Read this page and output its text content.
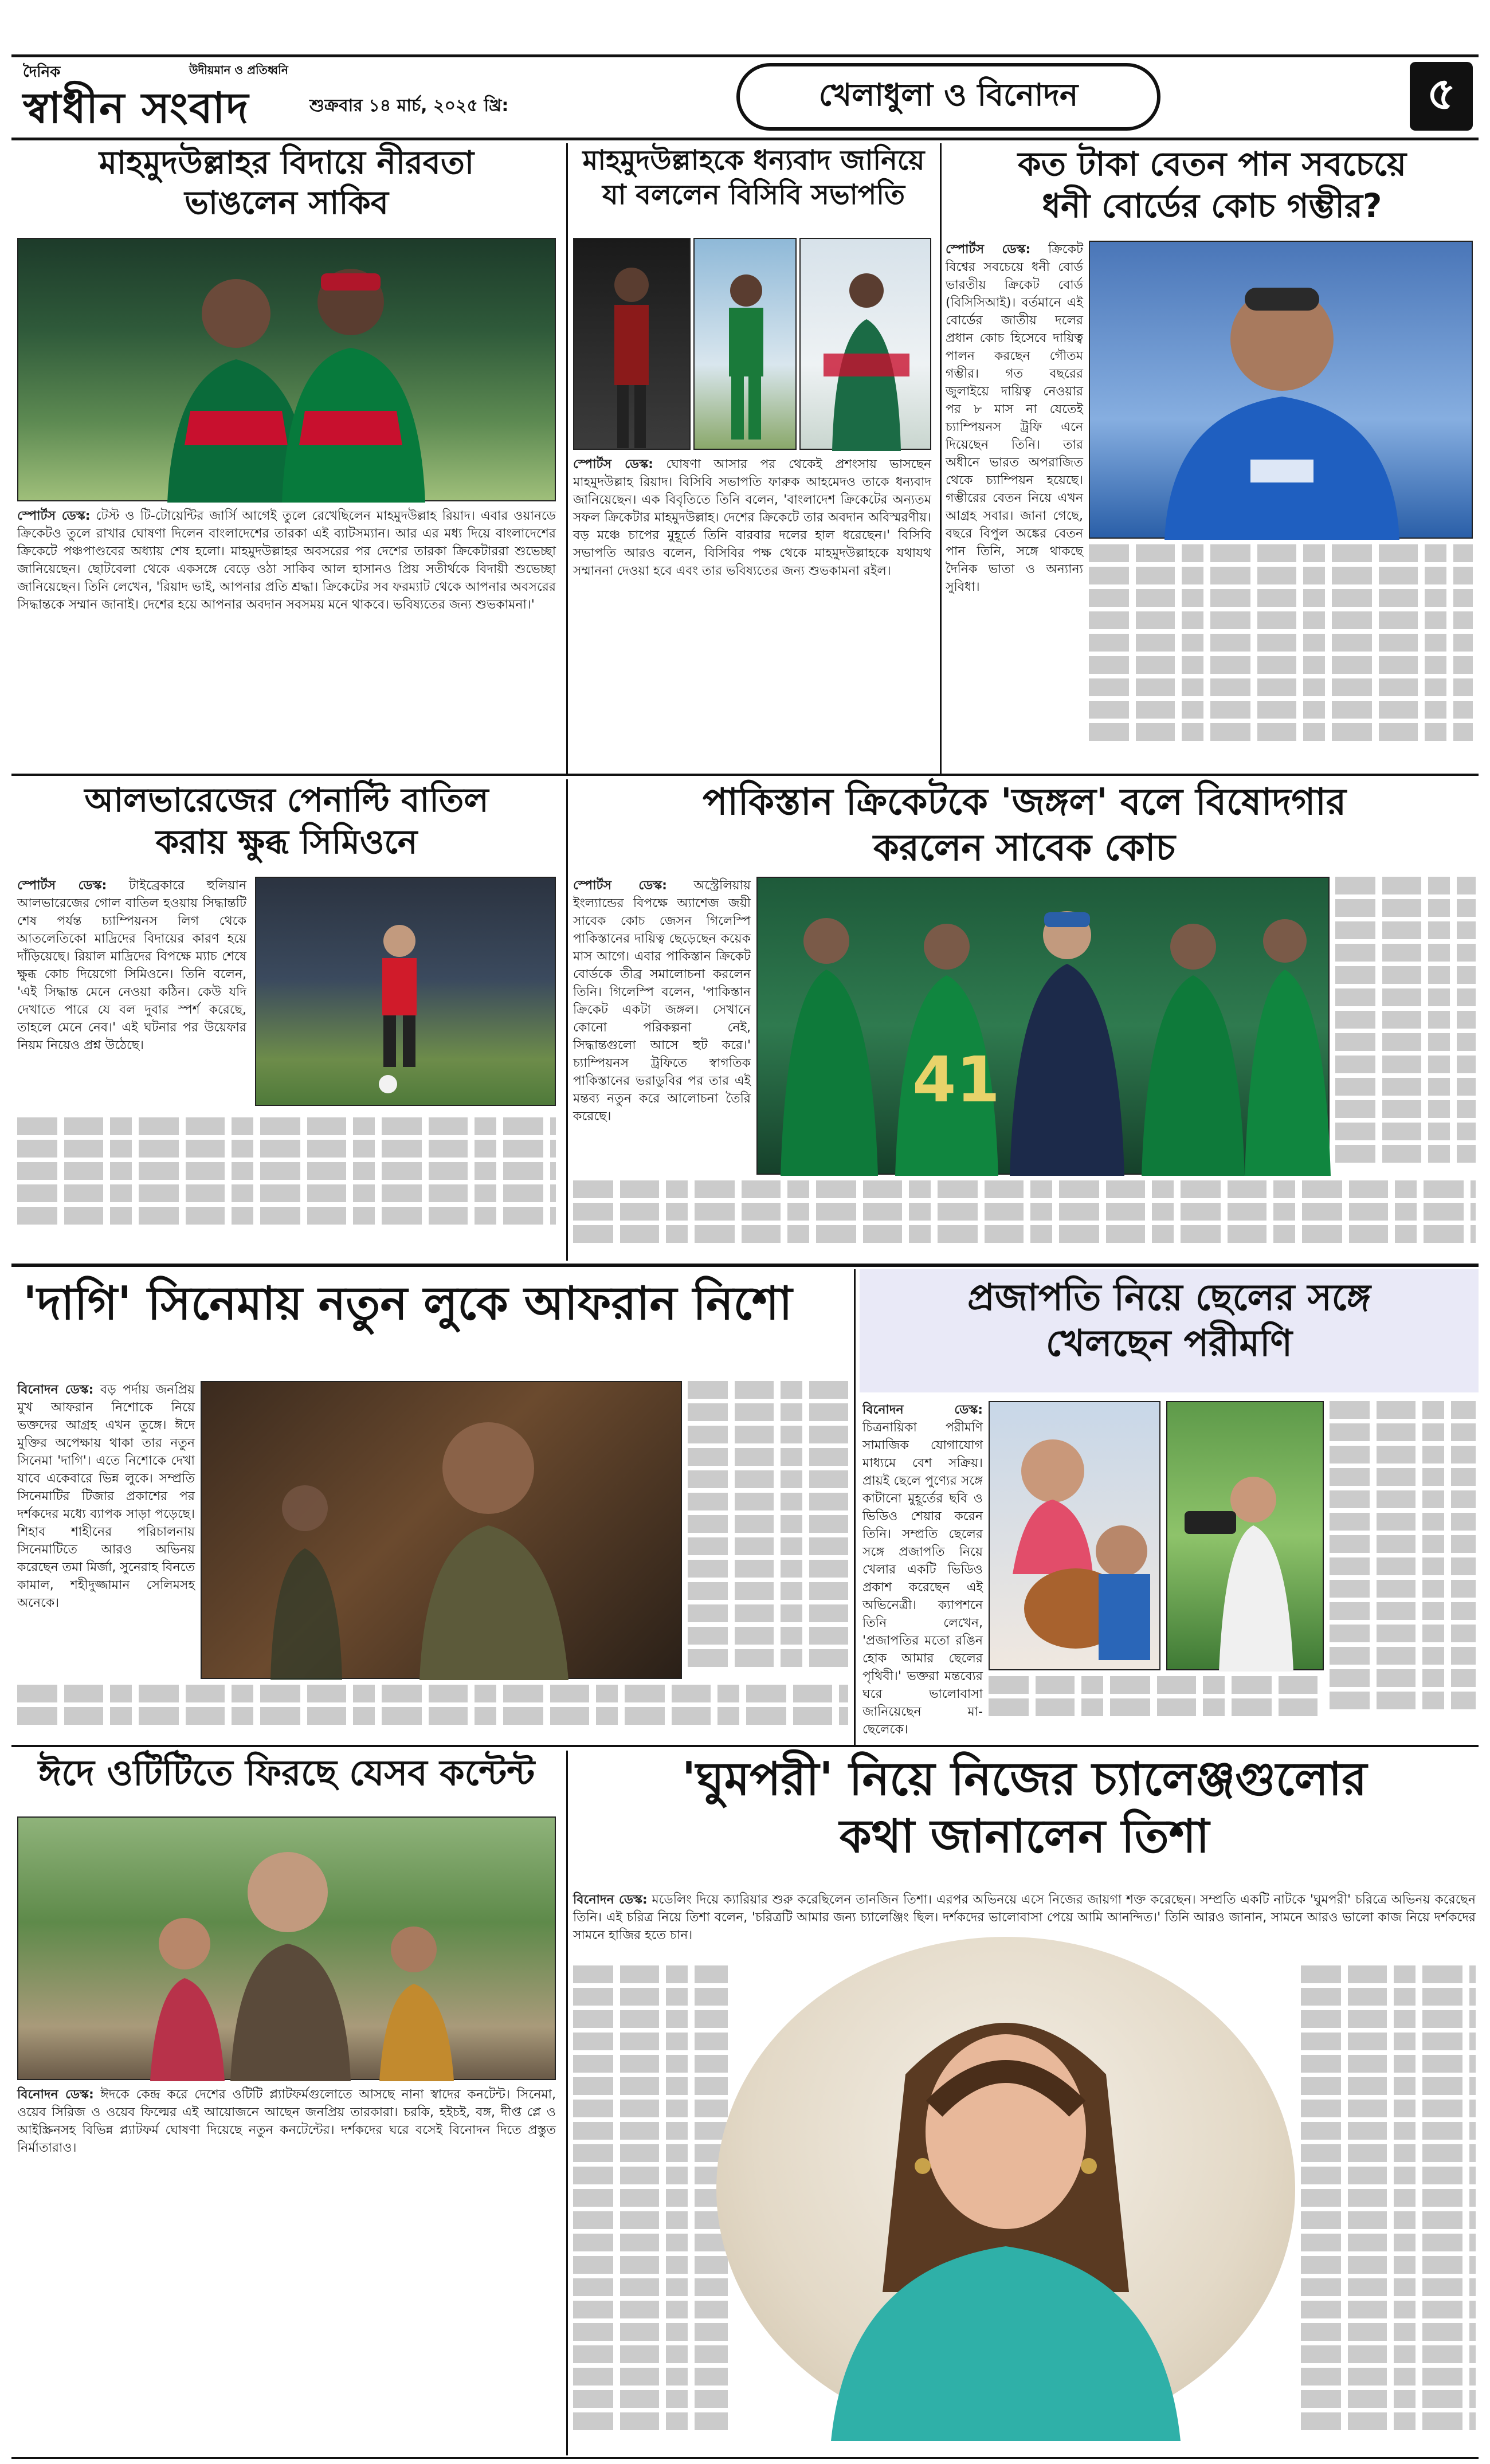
দৈনিক
স্বাধীন সংবাদ
উদীয়মান ও প্রতিধ্বনি
শুক্রবার ১৪ মার্চ, ২০২৫ খ্রি:	খেলাধুলা ও বিনোদন	৫
মাহমুদউল্লাহর বিদায়ে নীরবতা
ভাঙলেন সাকিব
স্পোর্টস ডেস্ক: টেস্ট ও টি-টোয়েন্টির জার্সি আগেই তুলে রেখেছিলেন মাহমুদউল্লাহ রিয়াদ। এবার ওয়ানডে ক্রিকেটও তুলে রাখার ঘোষণা দিলেন বাংলাদেশের তারকা এই ব্যাটসম্যান। আর এর মধ্য দিয়ে বাংলাদেশের ক্রিকেটে পঞ্চপাণ্ডবের অধ্যায় শেষ হলো। মাহমুদউল্লাহর অবসরের পর দেশের তারকা ক্রিকেটাররা শুভেচ্ছা জানিয়েছেন। ছোটবেলা থেকে একসঙ্গে বেড়ে ওঠা সাকিব আল হাসানও প্রিয় সতীর্থকে বিদায়ী শুভেচ্ছা জানিয়েছেন। তিনি লেখেন, 'রিয়াদ ভাই, আপনার প্রতি শ্রদ্ধা। ক্রিকেটের সব ফরম্যাট থেকে আপনার অবসরের সিদ্ধান্তকে সম্মান জানাই। দেশের হয়ে আপনার অবদান সবসময় মনে থাকবে। ভবিষ্যতের জন্য শুভকামনা।'
মাহমুদউল্লাহকে ধন্যবাদ জানিয়ে
যা বললেন বিসিবি সভাপতি
স্পোর্টস ডেস্ক: ঘোষণা আসার পর থেকেই প্রশংসায় ভাসছেন মাহমুদউল্লাহ রিয়াদ। বিসিবি সভাপতি ফারুক আহমেদও তাকে ধন্যবাদ জানিয়েছেন। এক বিবৃতিতে তিনি বলেন, 'বাংলাদেশ ক্রিকেটের অন্যতম সফল ক্রিকেটার মাহমুদউল্লাহ। দেশের ক্রিকেটে তার অবদান অবিস্মরণীয়। বড় মঞ্চে চাপের মুহূর্তে তিনি বারবার দলের হাল ধরেছেন।' বিসিবি সভাপতি আরও বলেন, বিসিবির পক্ষ থেকে মাহমুদউল্লাহকে যথাযথ সম্মাননা দেওয়া হবে এবং তার ভবিষ্যতের জন্য শুভকামনা রইল।
কত টাকা বেতন পান সবচেয়ে
ধনী বোর্ডের কোচ গম্ভীর?
স্পোর্টস ডেস্ক: ক্রিকেট বিশ্বের সবচেয়ে ধনী বোর্ড ভারতীয় ক্রিকেট বোর্ড (বিসিসিআই)। বর্তমানে এই বোর্ডের জাতীয় দলের প্রধান কোচ হিসেবে দায়িত্ব পালন করছেন গৌতম গম্ভীর। গত বছরের জুলাইয়ে দায়িত্ব নেওয়ার পর ৮ মাস না যেতেই চ্যাম্পিয়নস ট্রফি এনে দিয়েছেন তিনি। তার অধীনে ভারত অপরাজিত থেকে চ্যাম্পিয়ন হয়েছে। গম্ভীরের বেতন নিয়ে এখন আগ্রহ সবার। জানা গেছে, বছরে বিপুল অঙ্কের বেতন পান তিনি, সঙ্গে থাকছে দৈনিক ভাতা ও অন্যান্য সুবিধা।
আলভারেজের পেনাল্টি বাতিল
করায় ক্ষুব্ধ সিমিওনে
স্পোর্টস ডেস্ক: টাইব্রেকারে হুলিয়ান আলভারেজের গোল বাতিল হওয়ায় সিদ্ধান্তটি শেষ পর্যন্ত চ্যাম্পিয়নস লিগ থেকে আতলেতিকো মাদ্রিদের বিদায়ের কারণ হয়ে দাঁড়িয়েছে। রিয়াল মাদ্রিদের বিপক্ষে ম্যাচ শেষে ক্ষুব্ধ কোচ দিয়েগো সিমিওনে। তিনি বলেন, 'এই সিদ্ধান্ত মেনে নেওয়া কঠিন। কেউ যদি দেখাতে পারে যে বল দুবার স্পর্শ করেছে, তাহলে মেনে নেব।' এই ঘটনার পর উয়েফার নিয়ম নিয়েও প্রশ্ন উঠেছে।
পাকিস্তান ক্রিকেটকে 'জঙ্গল' বলে বিষোদগার
করলেন সাবেক কোচ
স্পোর্টস ডেস্ক: অস্ট্রেলিয়ায় ইংল্যান্ডের বিপক্ষে অ্যাশেজ জয়ী সাবেক কোচ জেসন গিলেস্পি পাকিস্তানের দায়িত্ব ছেড়েছেন কয়েক মাস আগে। এবার পাকিস্তান ক্রিকেট বোর্ডকে তীব্র সমালোচনা করলেন তিনি। গিলেস্পি বলেন, 'পাকিস্তান ক্রিকেট একটা জঙ্গল। সেখানে কোনো পরিকল্পনা নেই, সিদ্ধান্তগুলো আসে হুট করে।' চ্যাম্পিয়নস ট্রফিতে স্বাগতিক পাকিস্তানের ভরাডুবির পর তার এই মন্তব্য নতুন করে আলোচনা তৈরি করেছে।
41
'দাগি' সিনেমায় নতুন লুকে আফরান নিশো
বিনোদন ডেস্ক: বড় পর্দায় জনপ্রিয় মুখ আফরান নিশোকে নিয়ে ভক্তদের আগ্রহ এখন তুঙ্গে। ঈদে মুক্তির অপেক্ষায় থাকা তার নতুন সিনেমা 'দাগি'। এতে নিশোকে দেখা যাবে একেবারে ভিন্ন লুকে। সম্প্রতি সিনেমাটির টিজার প্রকাশের পর দর্শকদের মধ্যে ব্যাপক সাড়া পড়েছে। শিহাব শাহীনের পরিচালনায় সিনেমাটিতে আরও অভিনয় করেছেন তমা মির্জা, সুনেরাহ বিনতে কামাল, শহীদুজ্জামান সেলিমসহ অনেকে।
প্রজাপতি নিয়ে ছেলের সঙ্গে
খেলছেন পরীমণি
বিনোদন ডেস্ক: চিত্রনায়িকা পরীমণি সামাজিক যোগাযোগ মাধ্যমে বেশ সক্রিয়। প্রায়ই ছেলে পুণ্যের সঙ্গে কাটানো মুহূর্তের ছবি ও ভিডিও শেয়ার করেন তিনি। সম্প্রতি ছেলের সঙ্গে প্রজাপতি নিয়ে খেলার একটি ভিডিও প্রকাশ করেছেন এই অভিনেত্রী। ক্যাপশনে তিনি লেখেন, 'প্রজাপতির মতো রঙিন হোক আমার ছেলের পৃথিবী।' ভক্তরা মন্তব্যের ঘরে ভালোবাসা জানিয়েছেন মা-ছেলেকে।
ঈদে ওটিটিতে ফিরছে যেসব কন্টেন্ট
বিনোদন ডেস্ক: ঈদকে কেন্দ্র করে দেশের ওটিটি প্ল্যাটফর্মগুলোতে আসছে নানা স্বাদের কনটেন্ট। সিনেমা, ওয়েব সিরিজ ও ওয়েব ফিল্মের এই আয়োজনে আছেন জনপ্রিয় তারকারা। চরকি, হইচই, বঙ্গ, দীপ্ত প্লে ও আইস্ক্রিনসহ বিভিন্ন প্ল্যাটফর্ম ঘোষণা দিয়েছে নতুন কনটেন্টের। দর্শকদের ঘরে বসেই বিনোদন দিতে প্রস্তুত নির্মাতারাও।
'ঘুমপরী' নিয়ে নিজের চ্যালেঞ্জগুলোর
কথা জানালেন তিশা
বিনোদন ডেস্ক: মডেলিং দিয়ে ক্যারিয়ার শুরু করেছিলেন তানজিন তিশা। এরপর অভিনয়ে এসে নিজের জায়গা শক্ত করেছেন। সম্প্রতি একটি নাটকে 'ঘুমপরী' চরিত্রে অভিনয় করেছেন তিনি। এই চরিত্র নিয়ে তিশা বলেন, 'চরিত্রটি আমার জন্য চ্যালেঞ্জিং ছিল। দর্শকদের ভালোবাসা পেয়ে আমি আনন্দিত।' তিনি আরও জানান, সামনে আরও ভালো কাজ নিয়ে দর্শকদের সামনে হাজির হতে চান।
